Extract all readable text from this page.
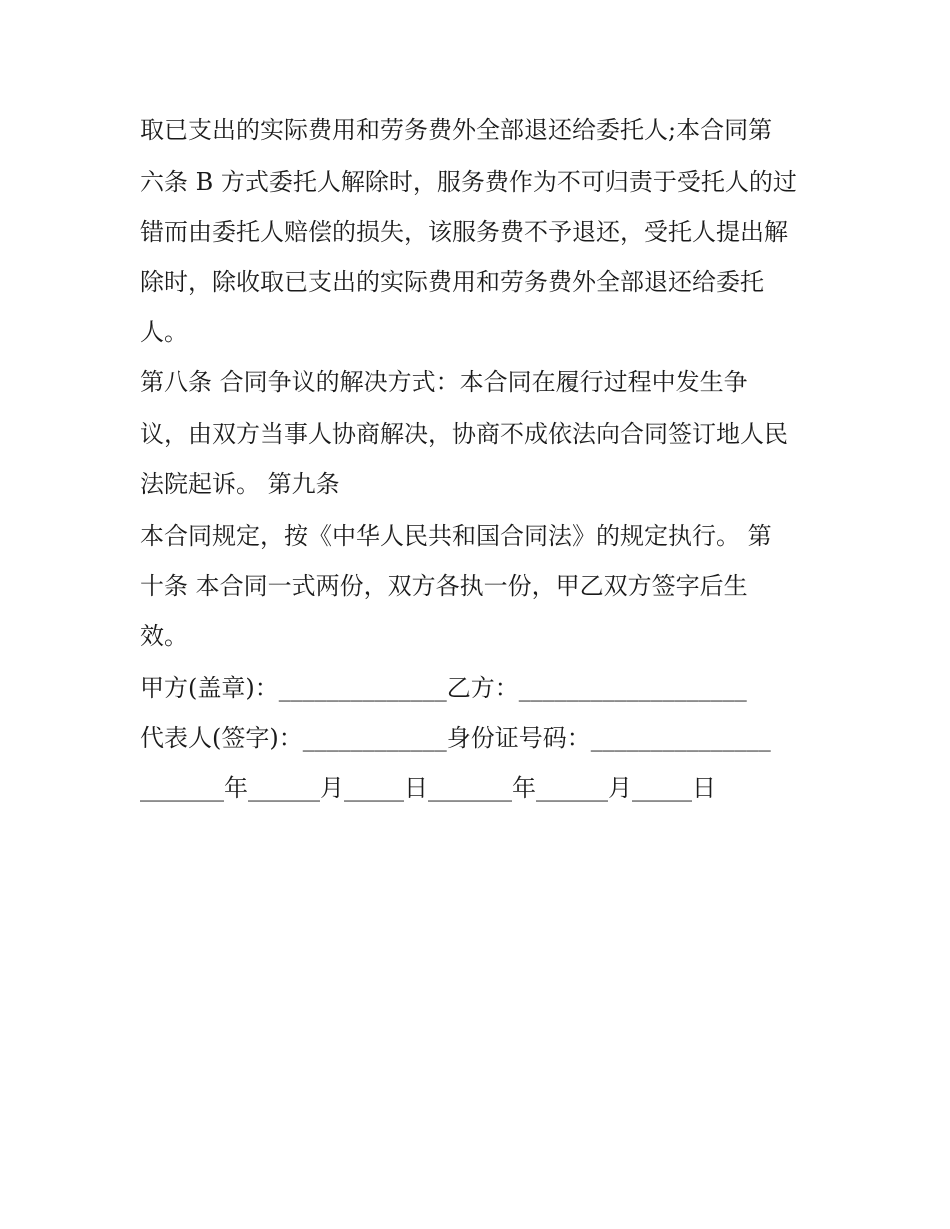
取已支出的实际费用和劳务费外全部退还给委托人;本合同第

六条 B 方式委托人解除时，服务费作为不可归责于受托人的过

错而由委托人赔偿的损失，该服务费不予退还，受托人提出解

除时，除收取已支出的实际费用和劳务费外全部退还给委托

人。

第八条 合同争议的解决方式：本合同在履行过程中发生争

议，由双方当事人协商解决，协商不成依法向合同签订地人民

法院起诉。 第九条

本合同规定，按《中华人民共和国合同法》的规定执行。 第

十条 本合同一式两份，双方各执一份，甲乙双方签字后生

效。

甲方(盖章)：______________乙方：___________________

代表人(签字)：____________身份证号码：_______________

_______年______月_____日_______年______月_____日
